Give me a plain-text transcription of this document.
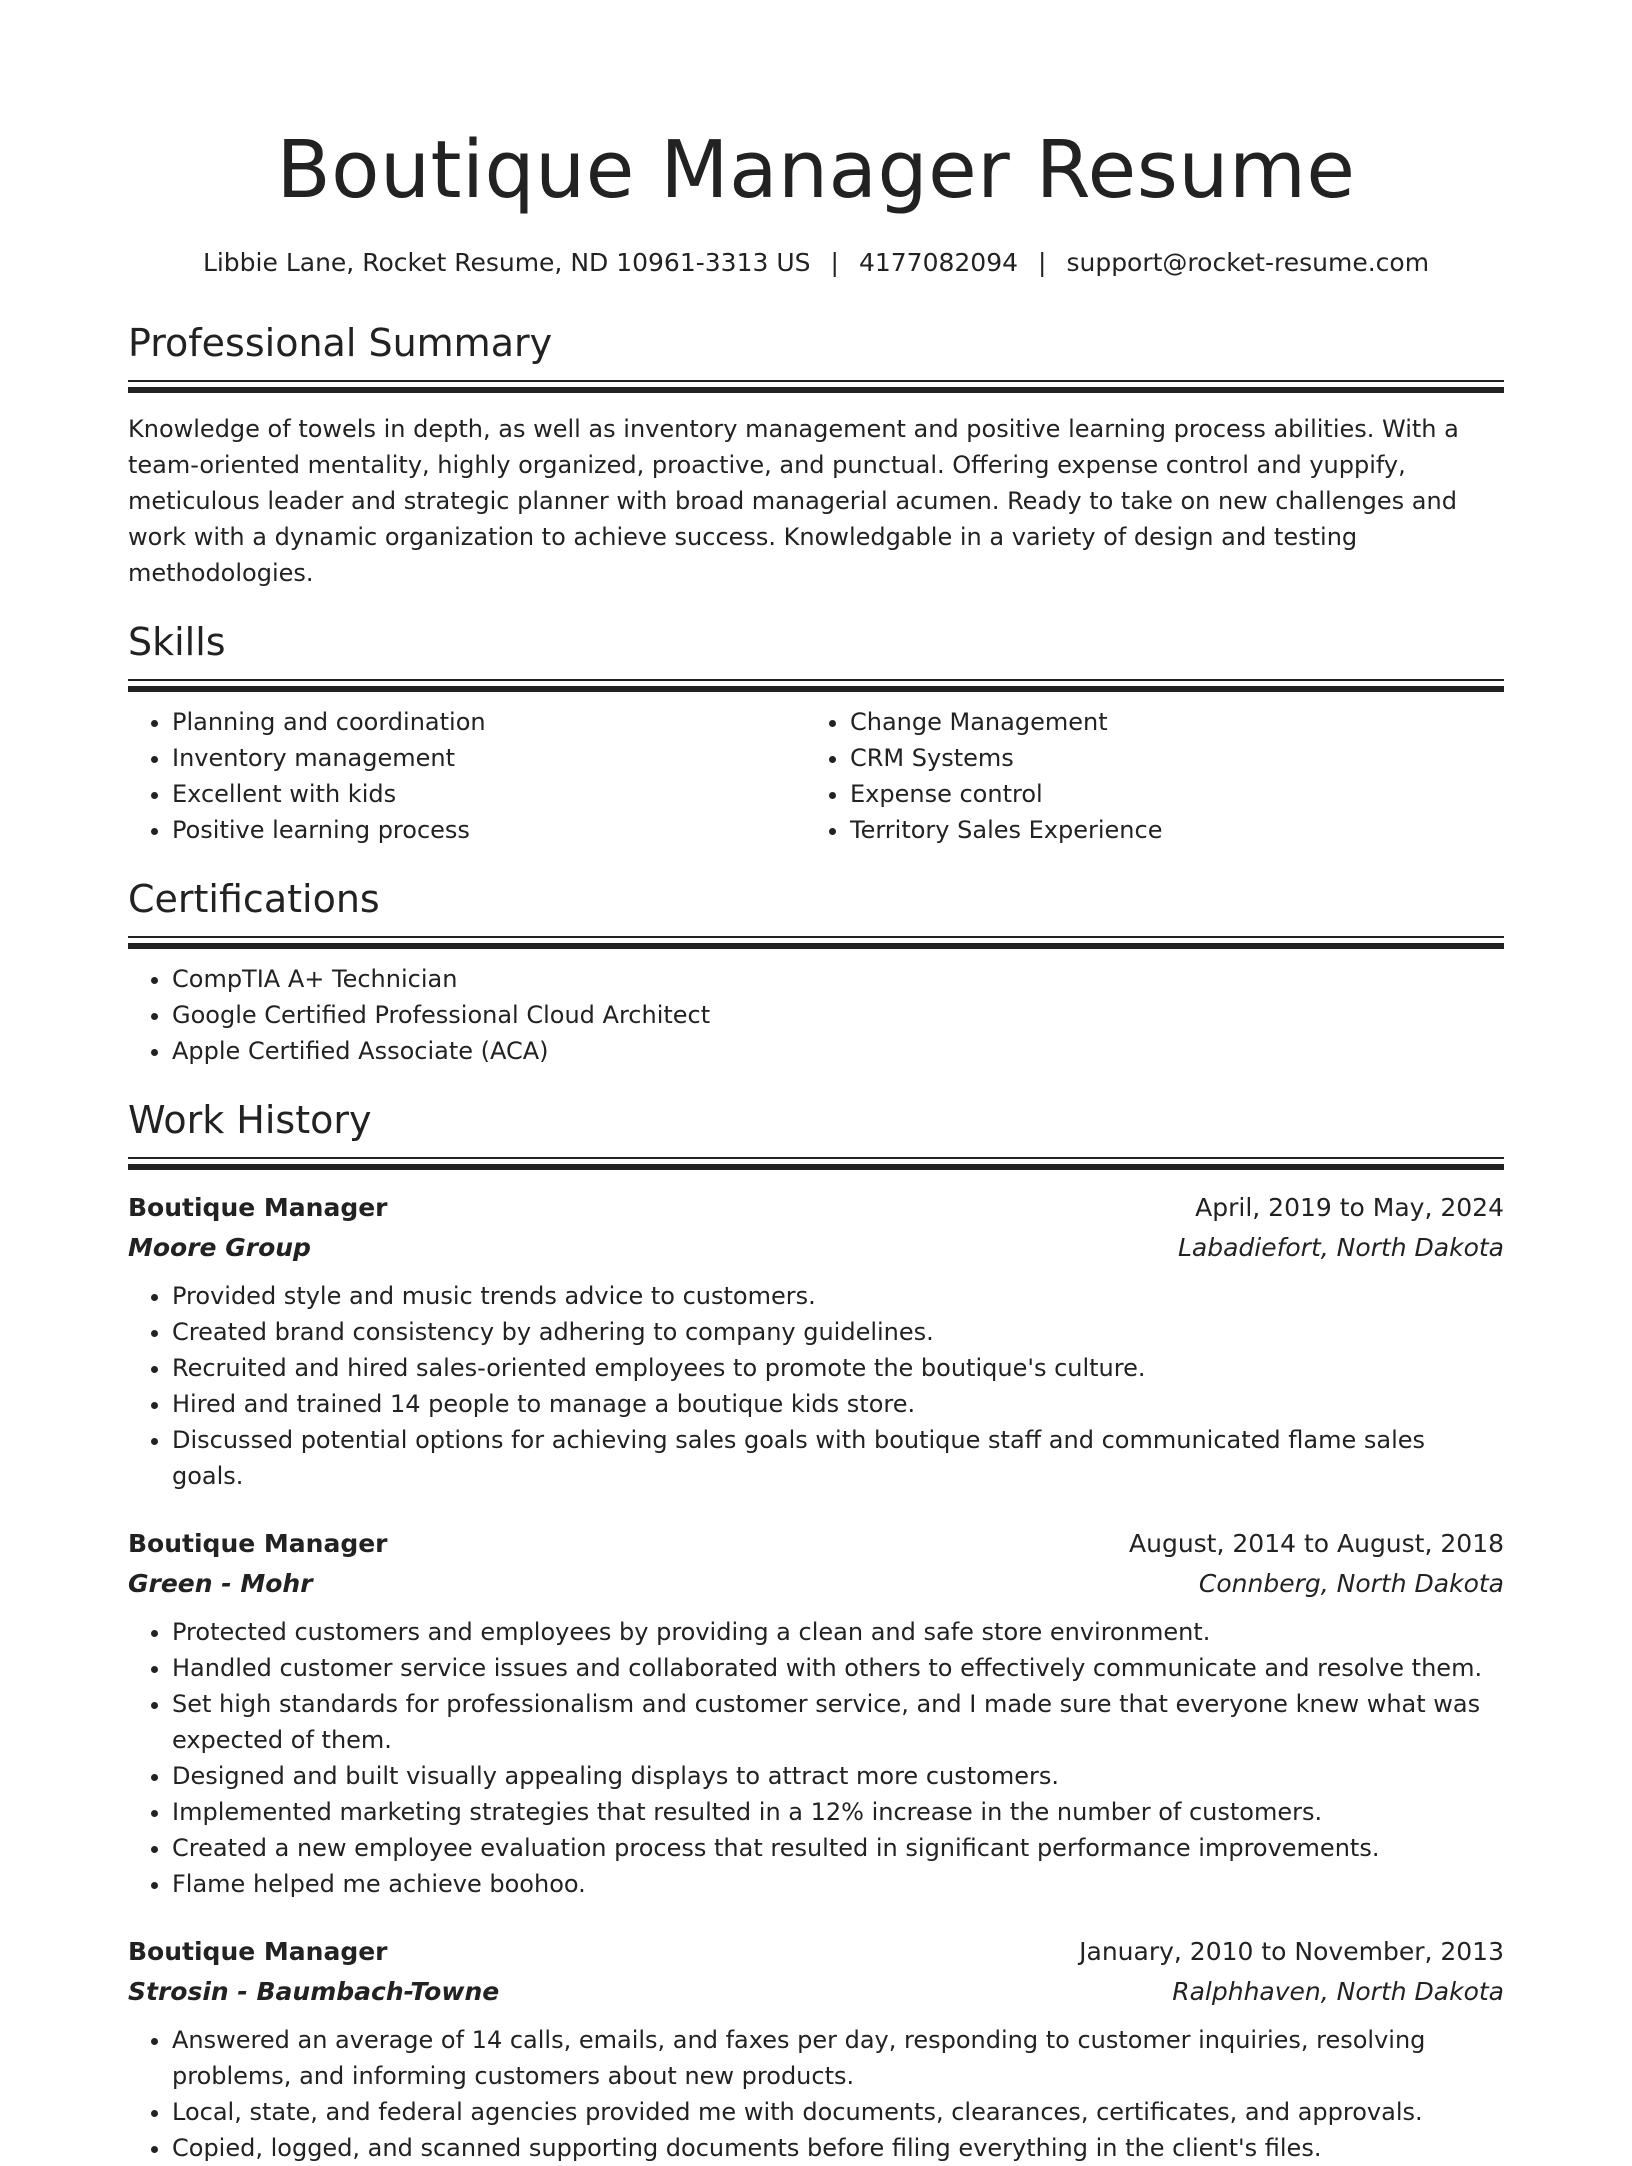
Boutique Manager Resume
Libbie Lane, Rocket Resume, ND 10961-3313 US | 4177082094 | support@rocket-resume.com
Professional Summary
Knowledge of towels in depth, as well as inventory management and positive learning process abilities. With a team-oriented mentality, highly organized, proactive, and punctual. Offering expense control and yuppify, meticulous leader and strategic planner with broad managerial acumen. Ready to take on new challenges and work with a dynamic organization to achieve success. Knowledgable in a variety of design and testing methodologies.
Skills
• Planning and coordination
• Inventory management
• Excellent with kids
• Positive learning process
• Change Management
• CRM Systems
• Expense control
• Territory Sales Experience
Certifications
• CompTIA A+ Technician
• Google Certified Professional Cloud Architect
• Apple Certified Associate (ACA)
Work History
Boutique Manager	April, 2019 to May, 2024
Moore Group	Labadiefort, North Dakota
• Provided style and music trends advice to customers.
• Created brand consistency by adhering to company guidelines.
• Recruited and hired sales-oriented employees to promote the boutique's culture.
• Hired and trained 14 people to manage a boutique kids store.
• Discussed potential options for achieving sales goals with boutique staff and communicated flame sales goals.
Boutique Manager	August, 2014 to August, 2018
Green - Mohr	Connberg, North Dakota
• Protected customers and employees by providing a clean and safe store environment.
• Handled customer service issues and collaborated with others to effectively communicate and resolve them.
• Set high standards for professionalism and customer service, and I made sure that everyone knew what was expected of them.
• Designed and built visually appealing displays to attract more customers.
• Implemented marketing strategies that resulted in a 12% increase in the number of customers.
• Created a new employee evaluation process that resulted in significant performance improvements.
• Flame helped me achieve boohoo.
Boutique Manager	January, 2010 to November, 2013
Strosin - Baumbach-Towne	Ralphhaven, North Dakota
• Answered an average of 14 calls, emails, and faxes per day, responding to customer inquiries, resolving problems, and informing customers about new products.
• Local, state, and federal agencies provided me with documents, clearances, certificates, and approvals.
• Copied, logged, and scanned supporting documents before filing everything in the client's files.
